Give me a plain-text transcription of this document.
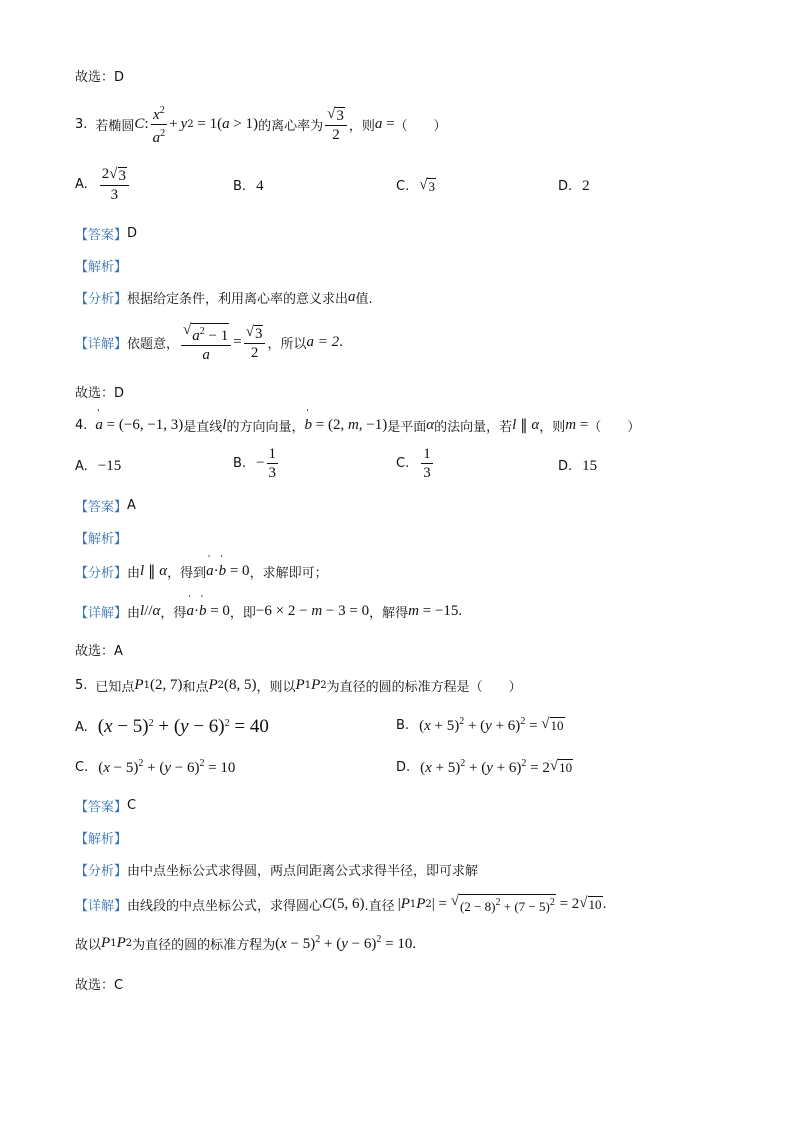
故选：D
3. 若椭圆 C : $\frac{x^2}{a^2} + y$ 2 = 1( a > 1) 的离心率为 $\frac{√ 3}{2}$ ，则 a = （　　）
A. $\frac{2 √ 3}{3}$	B. 4	C. √ 3	D. 2
【答案】 D
【解析】
【分析】 根据给定条件，利用离心率的意义求出 a 值.
【详解】 依题意， $\frac{√ a^2 - 1}{a} = \frac{√ 3}{2}$ ，所以 a = 2 .
故选：D
4. ' a = (−6, −1, 3) 是直线 l 的方向向量， ' b = (2, m , −1) 是平面 α 的法向量，若 l ∥ α ，则 m = （　　）
A. −15	B. − $\frac{1}{3}$	C. $\frac{1}{3}$	D. 15
【答案】 A
【解析】
【分析】 由 l ∥ α ，得到 ' a · ' b = 0 ，求解即可；
【详解】 由 l // α ，得 ' a · ' b = 0 ，即 −6 × 2 − m − 3 = 0 ，解得 m = −15.
故选：A
5. 已知点 P 1 (2, 7) 和点 P 2 (8, 5) ，则以 P 1 P 2 为直径的圆的标准方程是（　　）
A. $(x - 5)^2 + (y - 6)^2 = 40$	B. $(x + 5)^2 + (y + 6)^2$ = √ 10
C. $(x - 5)^2 + (y - 6)^2 = 10$	D. $(x + 5)^2 + (y + 6)^2 = 2$ √ 10
【答案】 C
【解析】
【分析】 由中点坐标公式求得圆，两点间距离公式求得半径，即可求解
【详解】 由线段的中点坐标公式，求得圆心 C (5, 6) .直径 | P 1 P 2 | = √ $(2 - 8)^2 + (7 - 5)^2 = 2$ √ 10 .
故以 P 1 P 2 为直径的圆的标准方程为 $(x - 5)^2 + (y - 6)^2 = 10$.
故选：C
